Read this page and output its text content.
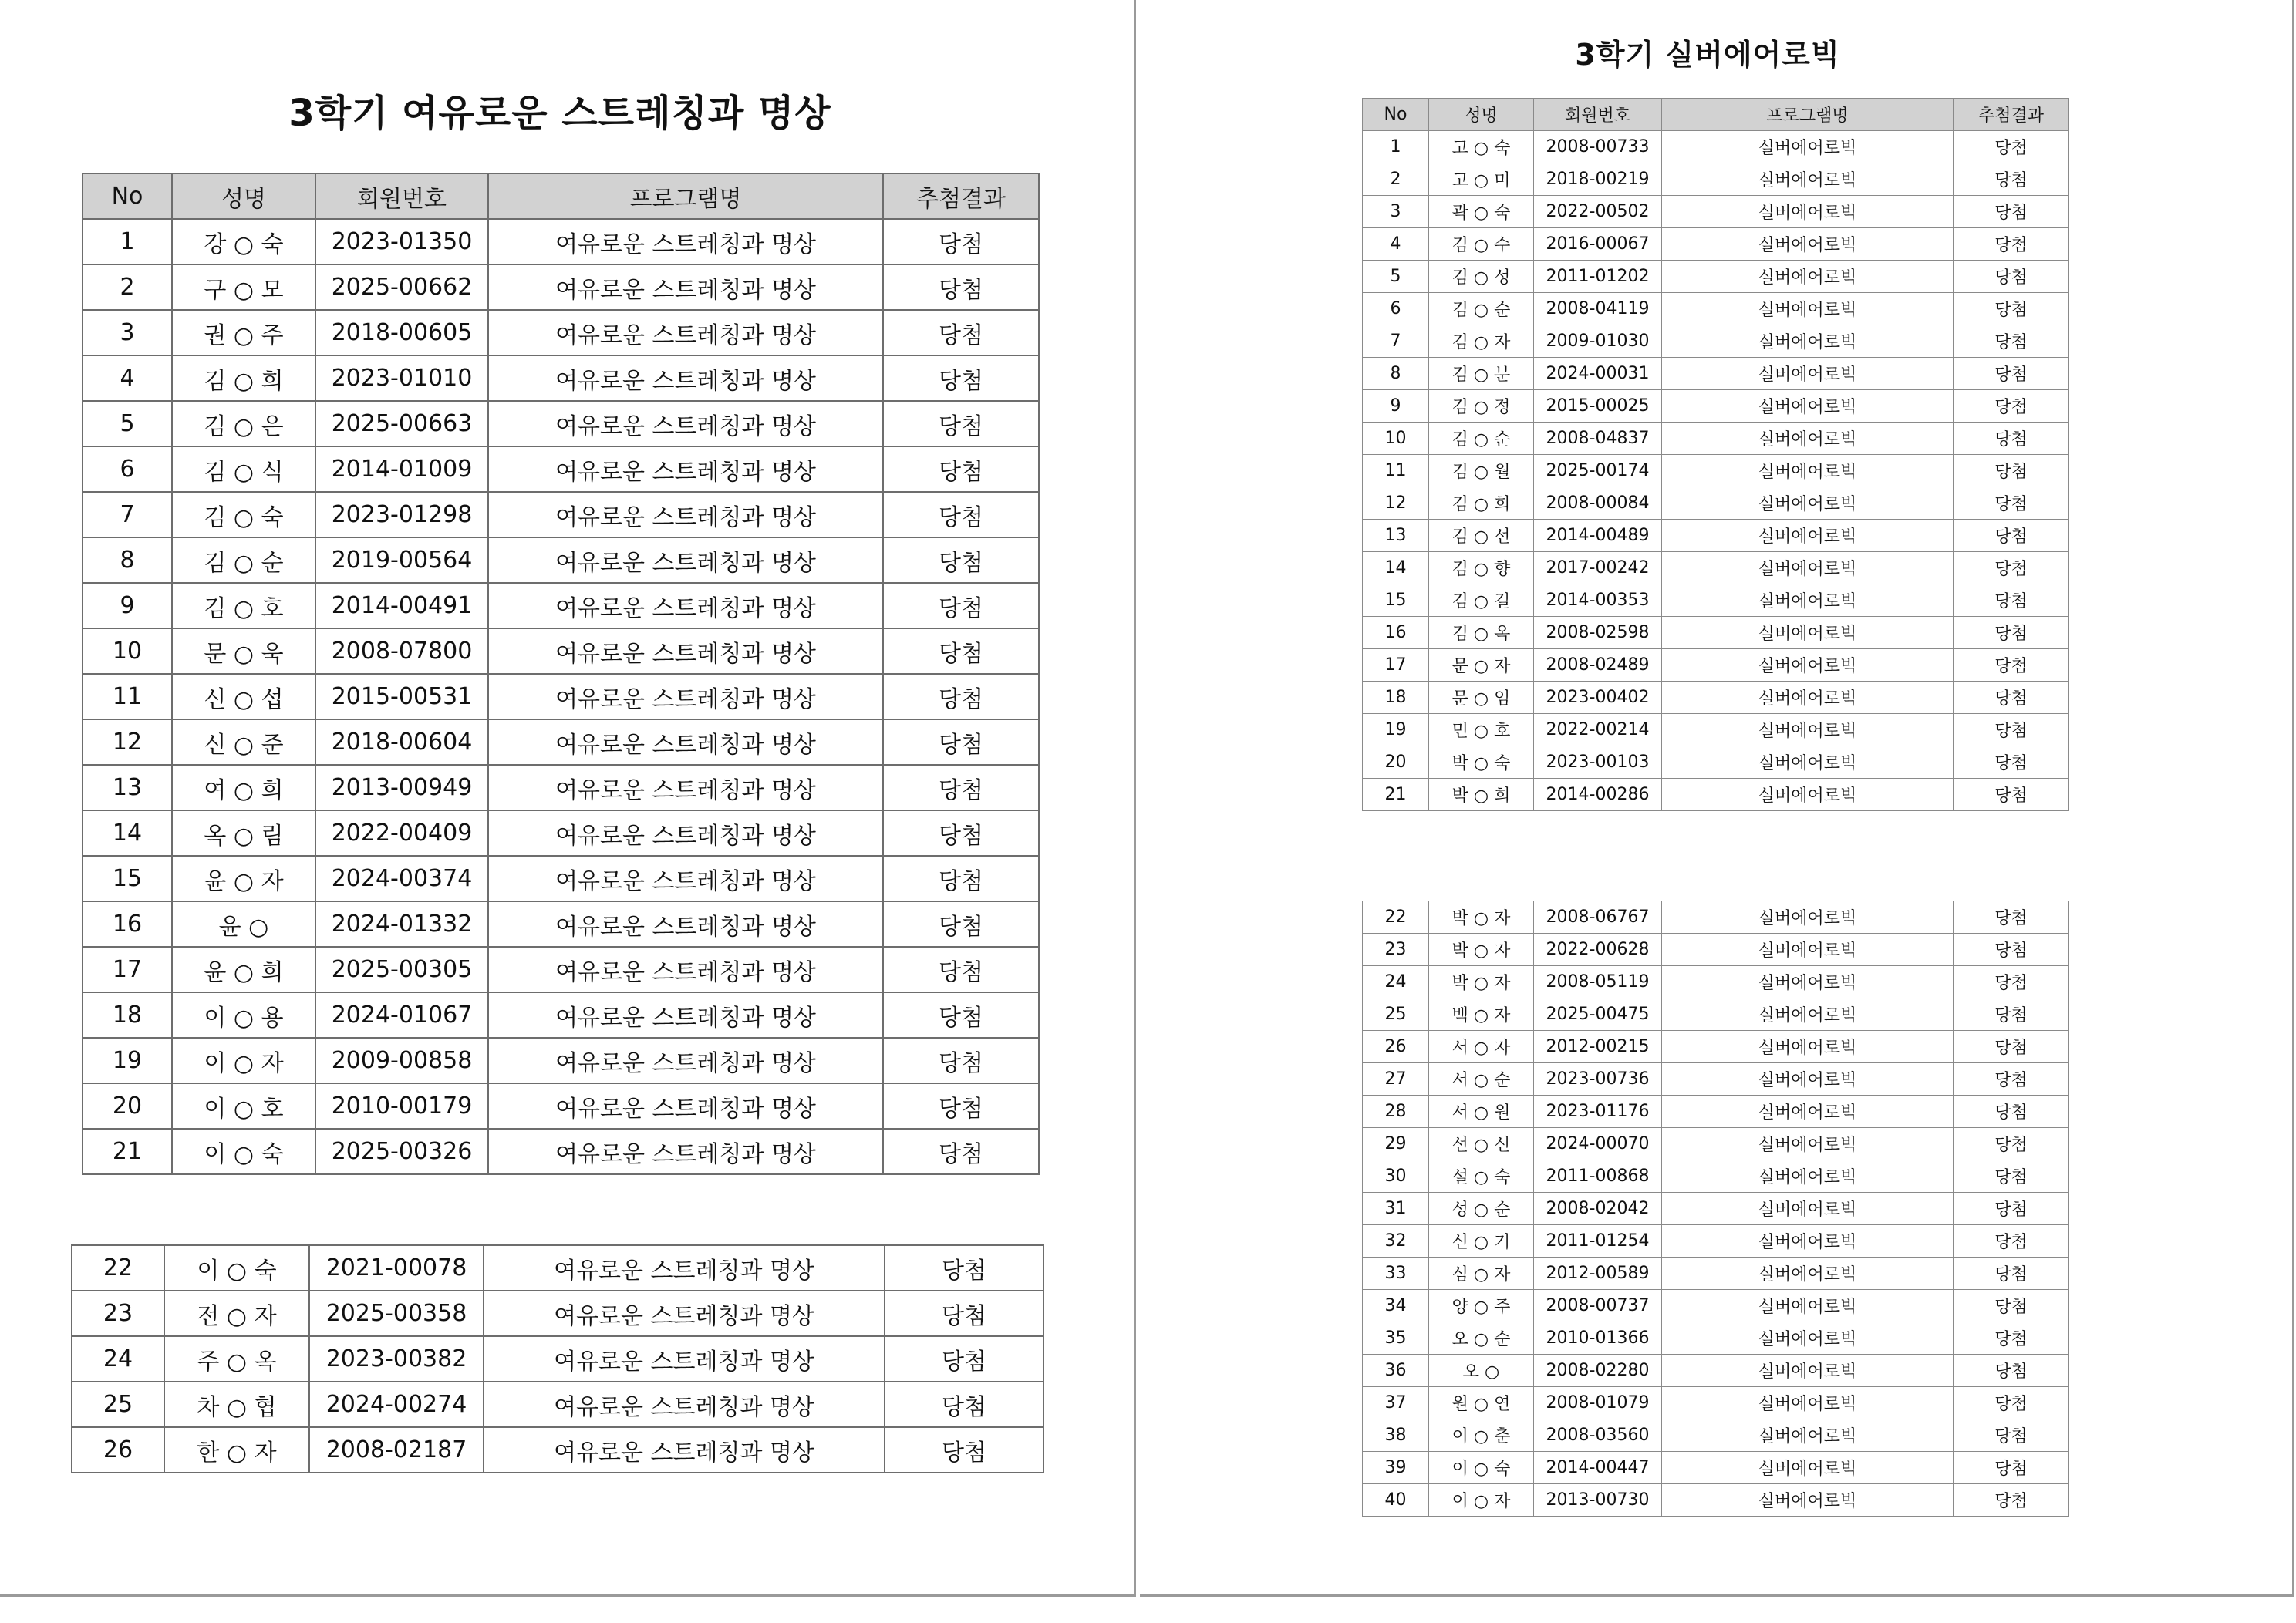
3학기 여유로운 스트레칭과 명상
3학기 실버에어로빅
No	성명	회원번호	프로그램명	추첨결과
1	강 ○ 숙	2023-01350	여유로운 스트레칭과 명상	당첨
2	구 ○ 모	2025-00662	여유로운 스트레칭과 명상	당첨
3	권 ○ 주	2018-00605	여유로운 스트레칭과 명상	당첨
4	김 ○ 희	2023-01010	여유로운 스트레칭과 명상	당첨
5	김 ○ 은	2025-00663	여유로운 스트레칭과 명상	당첨
6	김 ○ 식	2014-01009	여유로운 스트레칭과 명상	당첨
7	김 ○ 숙	2023-01298	여유로운 스트레칭과 명상	당첨
8	김 ○ 순	2019-00564	여유로운 스트레칭과 명상	당첨
9	김 ○ 호	2014-00491	여유로운 스트레칭과 명상	당첨
10	문 ○ 욱	2008-07800	여유로운 스트레칭과 명상	당첨
11	신 ○ 섭	2015-00531	여유로운 스트레칭과 명상	당첨
12	신 ○ 준	2018-00604	여유로운 스트레칭과 명상	당첨
13	여 ○ 희	2013-00949	여유로운 스트레칭과 명상	당첨
14	옥 ○ 림	2022-00409	여유로운 스트레칭과 명상	당첨
15	윤 ○ 자	2024-00374	여유로운 스트레칭과 명상	당첨
16	윤 ○	2024-01332	여유로운 스트레칭과 명상	당첨
17	윤 ○ 희	2025-00305	여유로운 스트레칭과 명상	당첨
18	이 ○ 용	2024-01067	여유로운 스트레칭과 명상	당첨
19	이 ○ 자	2009-00858	여유로운 스트레칭과 명상	당첨
20	이 ○ 호	2010-00179	여유로운 스트레칭과 명상	당첨
21	이 ○ 숙	2025-00326	여유로운 스트레칭과 명상	당첨
22	이 ○ 숙	2021-00078	여유로운 스트레칭과 명상	당첨
23	전 ○ 자	2025-00358	여유로운 스트레칭과 명상	당첨
24	주 ○ 옥	2023-00382	여유로운 스트레칭과 명상	당첨
25	차 ○ 협	2024-00274	여유로운 스트레칭과 명상	당첨
26	한 ○ 자	2008-02187	여유로운 스트레칭과 명상	당첨
No	성명	회원번호	프로그램명	추첨결과
1	고 ○ 숙	2008-00733	실버에어로빅	당첨
2	고 ○ 미	2018-00219	실버에어로빅	당첨
3	곽 ○ 숙	2022-00502	실버에어로빅	당첨
4	김 ○ 수	2016-00067	실버에어로빅	당첨
5	김 ○ 성	2011-01202	실버에어로빅	당첨
6	김 ○ 순	2008-04119	실버에어로빅	당첨
7	김 ○ 자	2009-01030	실버에어로빅	당첨
8	김 ○ 분	2024-00031	실버에어로빅	당첨
9	김 ○ 정	2015-00025	실버에어로빅	당첨
10	김 ○ 순	2008-04837	실버에어로빅	당첨
11	김 ○ 월	2025-00174	실버에어로빅	당첨
12	김 ○ 희	2008-00084	실버에어로빅	당첨
13	김 ○ 선	2014-00489	실버에어로빅	당첨
14	김 ○ 향	2017-00242	실버에어로빅	당첨
15	김 ○ 길	2014-00353	실버에어로빅	당첨
16	김 ○ 옥	2008-02598	실버에어로빅	당첨
17	문 ○ 자	2008-02489	실버에어로빅	당첨
18	문 ○ 임	2023-00402	실버에어로빅	당첨
19	민 ○ 호	2022-00214	실버에어로빅	당첨
20	박 ○ 숙	2023-00103	실버에어로빅	당첨
21	박 ○ 희	2014-00286	실버에어로빅	당첨
22	박 ○ 자	2008-06767	실버에어로빅	당첨
23	박 ○ 자	2022-00628	실버에어로빅	당첨
24	박 ○ 자	2008-05119	실버에어로빅	당첨
25	백 ○ 자	2025-00475	실버에어로빅	당첨
26	서 ○ 자	2012-00215	실버에어로빅	당첨
27	서 ○ 순	2023-00736	실버에어로빅	당첨
28	서 ○ 원	2023-01176	실버에어로빅	당첨
29	선 ○ 신	2024-00070	실버에어로빅	당첨
30	설 ○ 숙	2011-00868	실버에어로빅	당첨
31	성 ○ 순	2008-02042	실버에어로빅	당첨
32	신 ○ 기	2011-01254	실버에어로빅	당첨
33	심 ○ 자	2012-00589	실버에어로빅	당첨
34	양 ○ 주	2008-00737	실버에어로빅	당첨
35	오 ○ 순	2010-01366	실버에어로빅	당첨
36	오 ○	2008-02280	실버에어로빅	당첨
37	원 ○ 연	2008-01079	실버에어로빅	당첨
38	이 ○ 춘	2008-03560	실버에어로빅	당첨
39	이 ○ 숙	2014-00447	실버에어로빅	당첨
40	이 ○ 자	2013-00730	실버에어로빅	당첨
